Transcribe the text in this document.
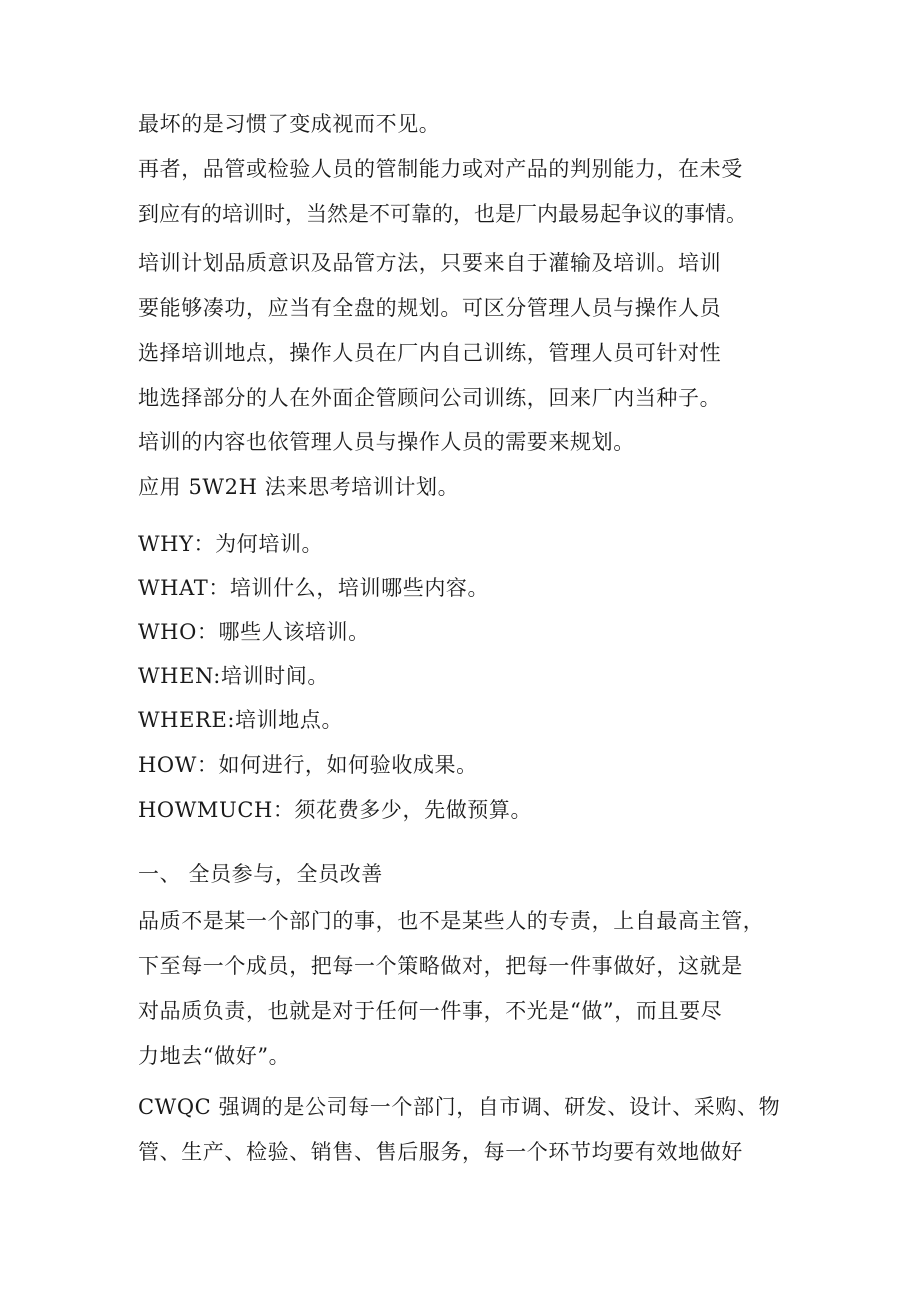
最坏的是习惯了变成视而不见。
再者，品管或检验人员的管制能力或对产品的判别能力，在未受
到应有的培训时，当然是不可靠的，也是厂内最易起争议的事情。
培训计划品质意识及品管方法，只要来自于灌输及培训。培训
要能够凑功，应当有全盘的规划。可区分管理人员与操作人员
选择培训地点，操作人员在厂内自己训练，管理人员可针对性
地选择部分的人在外面企管顾问公司训练，回来厂内当种子。
培训的内容也依管理人员与操作人员的需要来规划。
应用 5W2H 法来思考培训计划。
WHY：为何培训。
WHAT：培训什么，培训哪些内容。
WHO：哪些人该培训。
WHEN:培训时间。
WHERE:培训地点。
HOW：如何进行，如何验收成果。
HOWMUCH：须花费多少，先做预算。
一、 全员参与，全员改善
品质不是某一个部门的事，也不是某些人的专责，上自最高主管，
下至每一个成员，把每一个策略做对，把每一件事做好，这就是
对品质负责，也就是对于任何一件事，不光是“做”，而且要尽
力地去“做好”。
CWQC 强调的是公司每一个部门，自市调、研发、设计、采购、物
管、生产、检验、销售、售后服务，每一个环节均要有效地做好
